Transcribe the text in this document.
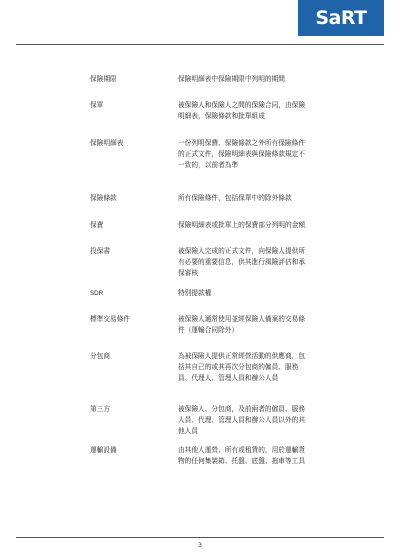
SaRT
保險期限	保險明細表中保險期限中列明的期間
保單	被保險人和保險人之間的保險合同，由保險明細表，保險條款和批單組成
保險明細表	一份列明保費、保險條款之外所有保險條件的正式文件，保險明細表與保險條款規定不一致的，以前者為準
保險條款	所有保險條件，包括保單中的除外條款
保費	保險明細表或批單上的保費部分列明的金額
投保書	被保險人完成的正式文件，向保險人提供所有必要的重要信息，供其進行風險評估和承保審核
SDR	特別提款權
標準交易條件	被保險人通常使用並經保險人備案的交易條件（運輸合同除外）
分包商	為被保險人提供正常經營活動的供應商，包括其自己的或其再次分包商的僱員、服務員、代理人、管理人員和辦公人員
第三方	被保險人、分包商，及前兩者的僱員、服務人員、代理、管理人員和辦公人員以外的其他人員
運輸設備	由其他人運營、所有或租賃的，用於運輸貨物的任何集裝箱、托盤、底盤、拖車等工具
3
